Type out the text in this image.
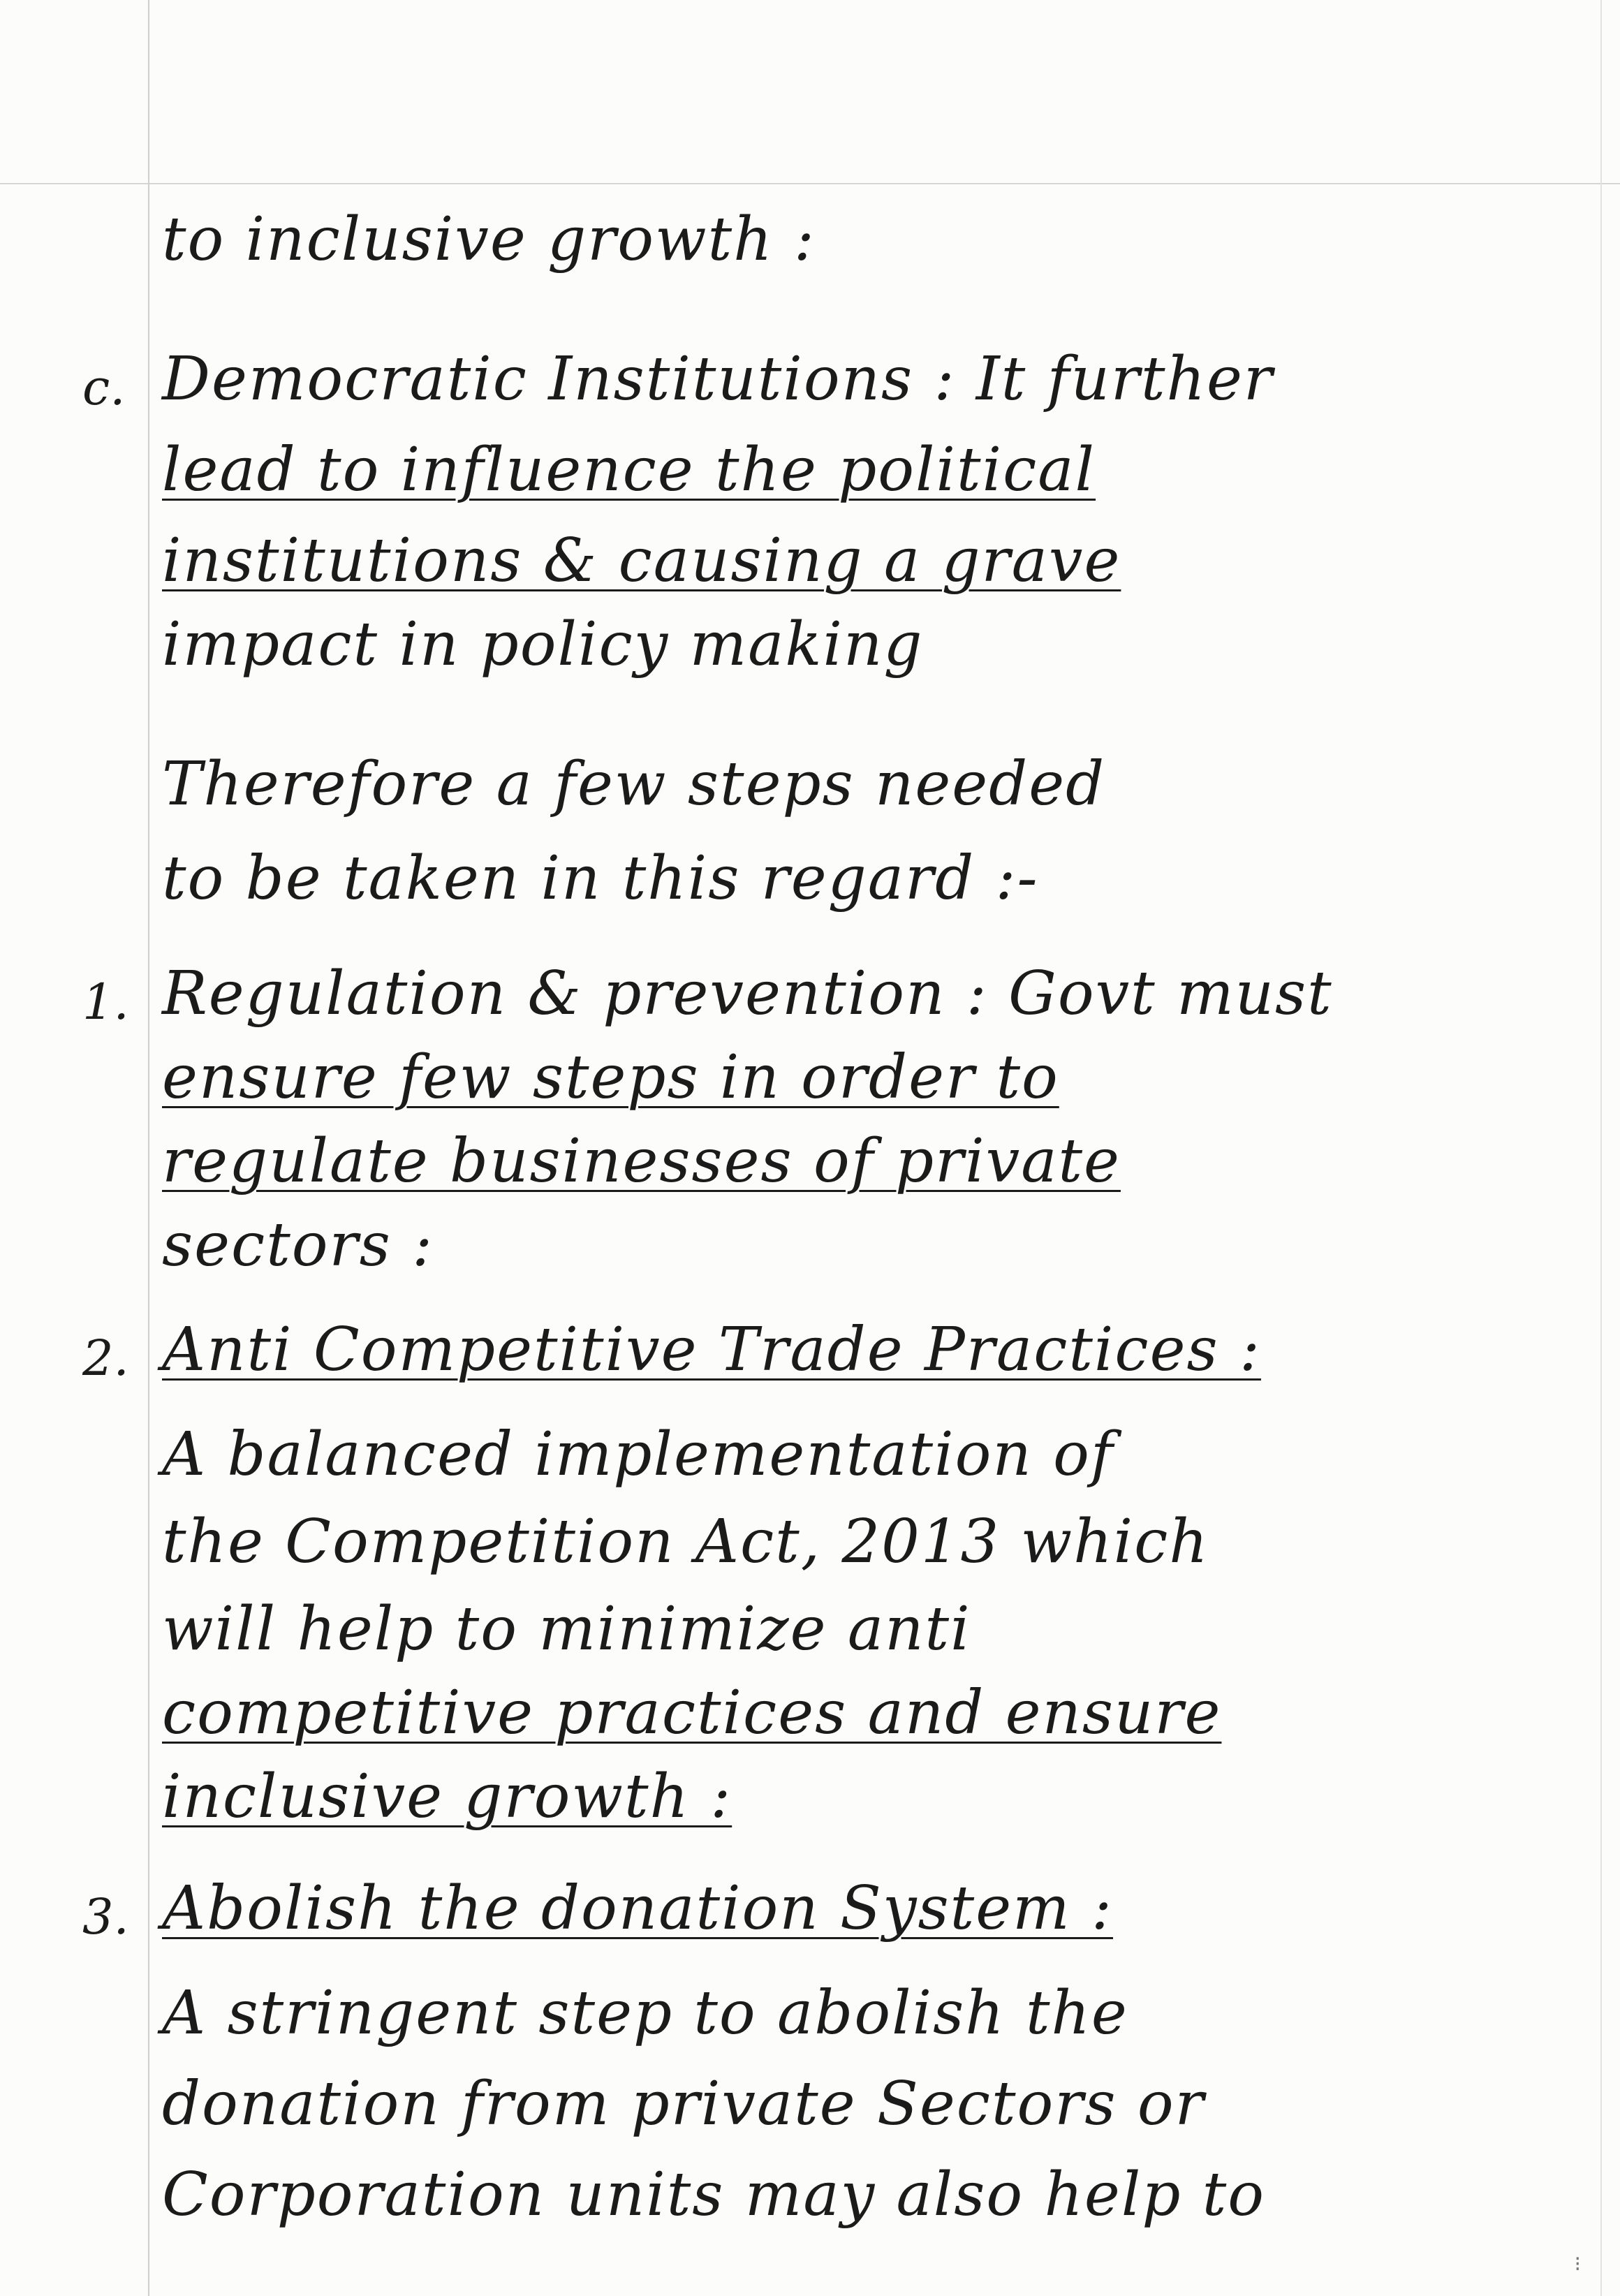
to inclusive growth :
c. Democratic Institutions : It further
lead to influence the political
institutions & causing a grave
impact in policy making
Therefore a few steps needed
to be taken in this regard :-
1. Regulation & prevention : Govt must
ensure few steps in order to
regulate businesses of private
sectors :
2. Anti Competitive Trade Practices :
A balanced implementation of
the Competition Act, 2013 which
will help to minimize anti
competitive practices and ensure
inclusive growth :
3. Abolish the donation System :
A stringent step to abolish the
donation from private Sectors or
Corporation units may also help to
⁝
